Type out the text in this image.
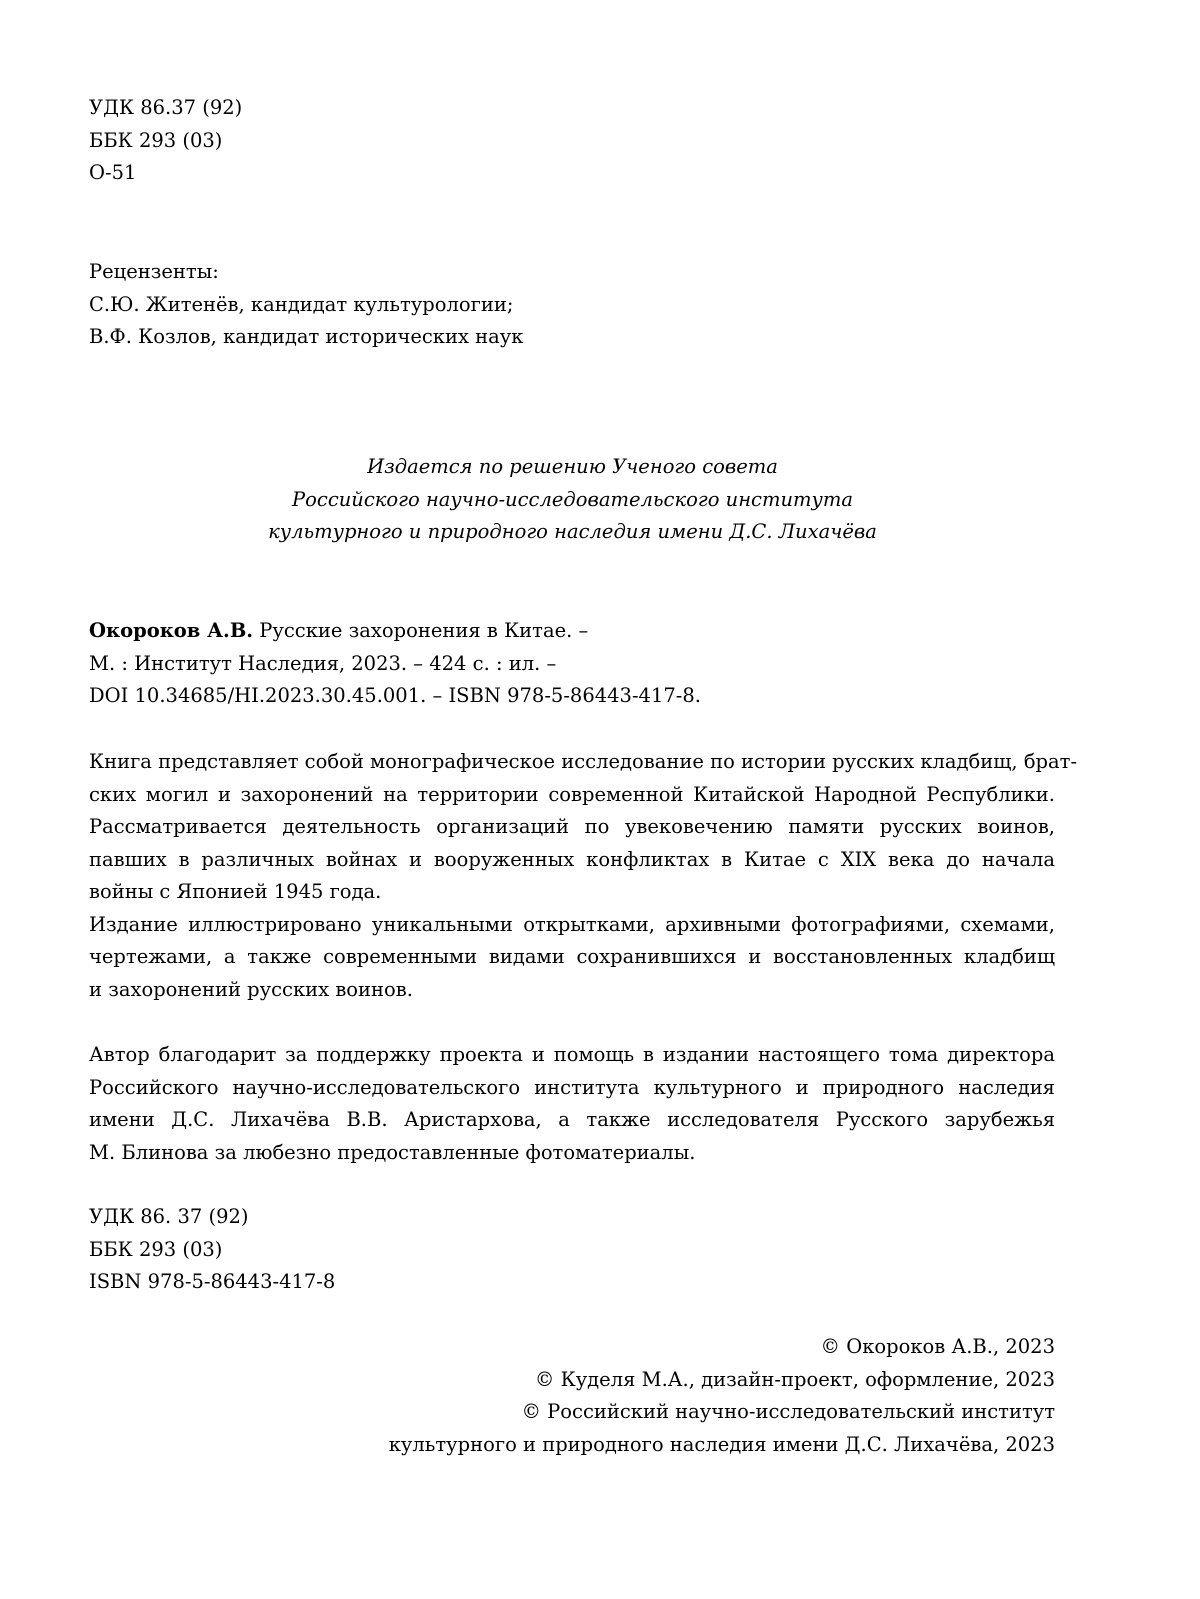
УДК 86.37 (92)
ББК 293 (03)
О-51
Рецензенты:
С.Ю. Житенёв, кандидат культурологии;
В.Ф. Козлов, кандидат исторических наук
Издается по решению Ученого совета
Российского научно-исследовательского института
культурного и природного наследия имени Д.С. Лихачёва
Окороков А.В. Русские захоронения в Китае. –
М. : Институт Наследия, 2023. – 424 с. : ил. –
DOI 10.34685/HI.2023.30.45.001. – ISBN 978-5-86443-417-8.
Книга представляет собой монографическое исследование по истории русских кладбищ, брат-
ских могил и захоронений на территории современной Китайской Народной Республики.
Рассматривается деятельность организаций по увековечению памяти русских воинов,
павших в различных войнах и вооруженных конфликтах в Китае с XIX века до начала
войны с Японией 1945 года.
Издание иллюстрировано уникальными открытками, архивными фотографиями, схемами,
чертежами, а также современными видами сохранившихся и восстановленных кладбищ
и захоронений русских воинов.
Автор благодарит за поддержку проекта и помощь в издании настоящего тома директора
Российского научно-исследовательского института культурного и природного наследия
имени Д.С. Лихачёва В.В. Аристархова, а также исследователя Русского зарубежья
М. Блинова за любезно предоставленные фотоматериалы.
УДК 86. 37 (92)
ББК 293 (03)
ISBN 978-5-86443-417-8
© Окороков А.В., 2023
© Куделя М.А., дизайн-проект, оформление, 2023
© Российский научно-исследовательский институт
культурного и природного наследия имени Д.С. Лихачёва, 2023
